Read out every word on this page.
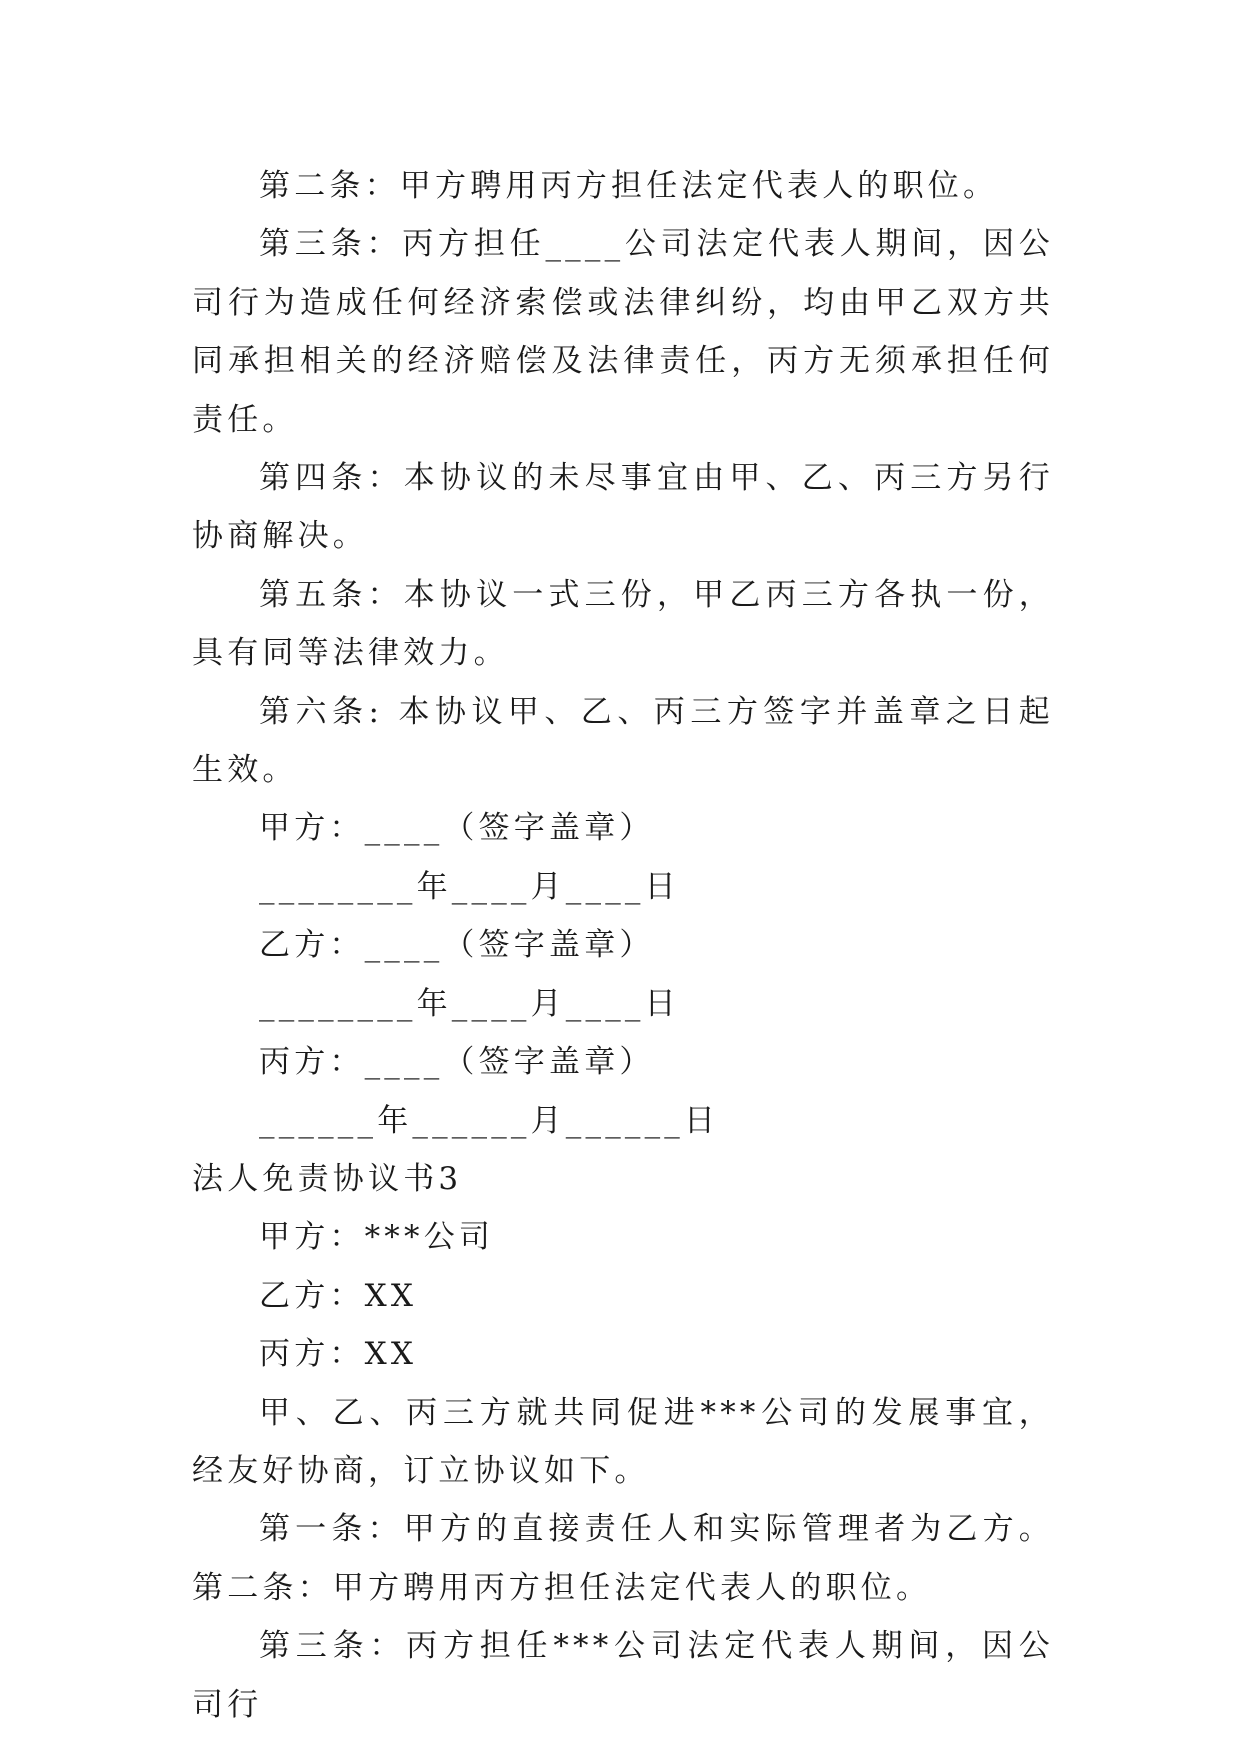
第二条：甲方聘用丙方担任法定代表人的职位。

第三条：丙方担任____公司法定代表人期间，因公司行为造成任何经济索偿或法律纠纷，均由甲乙双方共同承担相关的经济赔偿及法律责任，丙方无须承担任何责任。

第四条：本协议的未尽事宜由甲、乙、丙三方另行协商解决。

第五条：本协议一式三份，甲乙丙三方各执一份，具有同等法律效力。

第六条: 本协议甲、乙、丙三方签字并盖章之日起生效。

甲方：____（签字盖章）

________年____月____日

乙方：____（签字盖章）

________年____月____日

丙方：____（签字盖章）

______年______月______日

法人免责协议书3

甲方：***公司

乙方：XX

丙方：XX

甲、乙、丙三方就共同促进***公司的发展事宜，经友好协商，订立协议如下。

第一条：甲方的直接责任人和实际管理者为乙方。第二条：甲方聘用丙方担任法定代表人的职位。

第三条：丙方担任***公司法定代表人期间，因公司行
